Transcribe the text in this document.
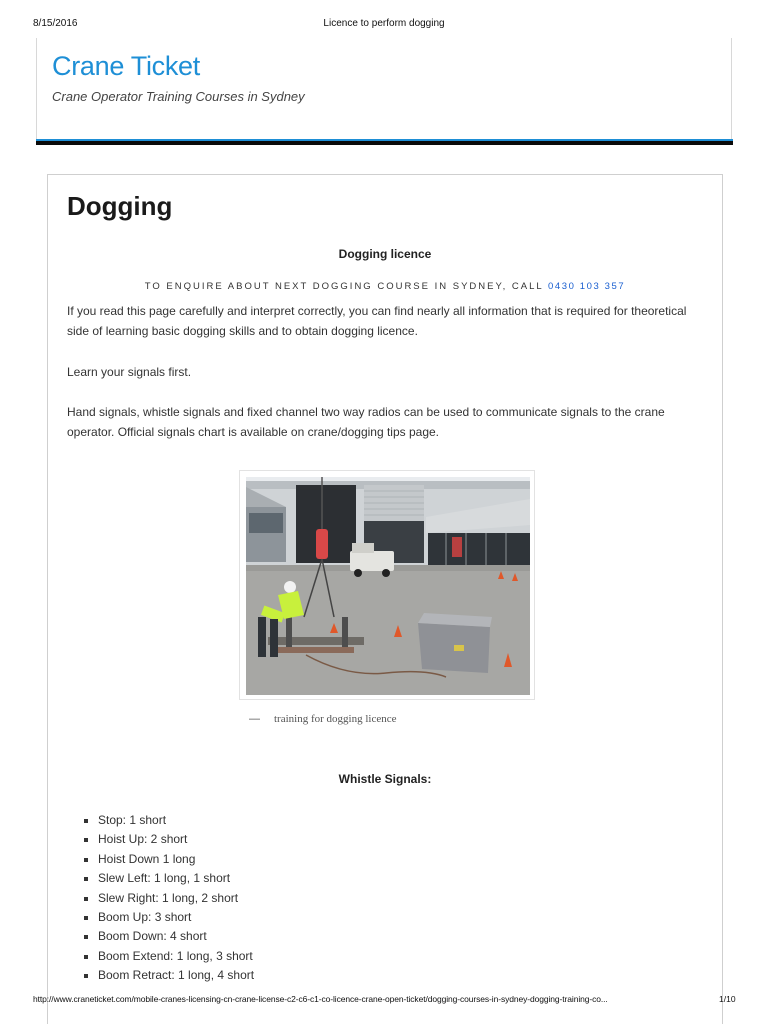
8/15/2016	Licence to perform dogging
Crane Ticket
Crane Operator Training Courses in Sydney
Dogging
Dogging licence
TO ENQUIRE ABOUT NEXT DOGGING COURSE IN SYDNEY, CALL 0430 103 357
If you read this page carefully and interpret correctly, you can find nearly all information that is required for theoretical side of learning basic dogging skills and to obtain dogging licence.
Learn your signals first.
Hand signals, whistle signals and fixed channel two way radios can be used to communicate signals to the crane operator. Official signals chart is available on crane/dogging tips page.
— training for dogging licence
Whistle Signals:
Stop: 1 short
Hoist Up: 2 short
Hoist Down 1 long
Slew Left: 1 long, 1 short
Slew Right: 1 long, 2 short
Boom Up: 3 short
Boom Down: 4 short
Boom Extend: 1 long, 3 short
Boom Retract: 1 long, 4 short
http://www.craneticket.com/mobile-cranes-licensing-cn-crane-license-c2-c6-c1-co-licence-crane-open-ticket/dogging-courses-in-sydney-dogging-training-co...	1/10
